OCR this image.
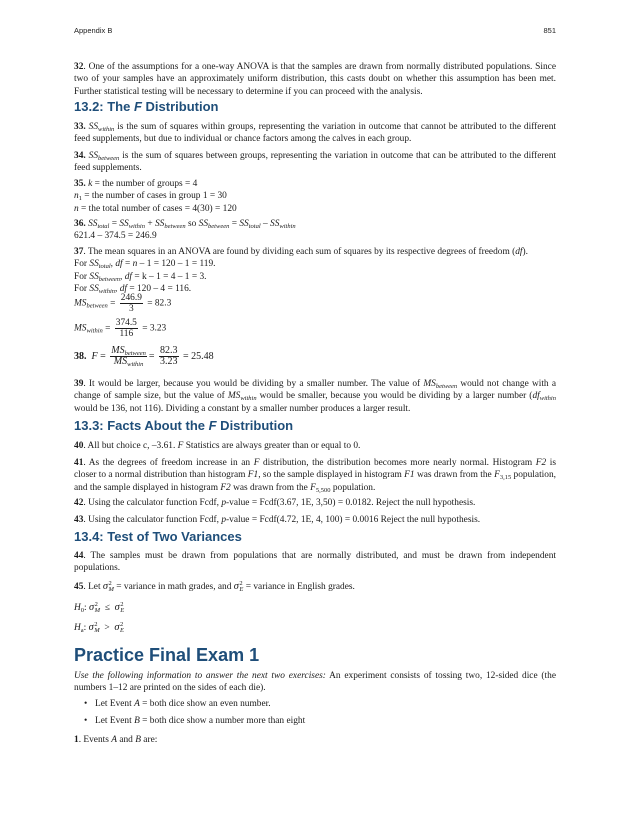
Appendix B	851

32. One of the assumptions for a one-way ANOVA is that the samples are drawn from normally distributed populations. Since two of your samples have an approximately uniform distribution, this casts doubt on whether this assumption has been met. Further statistical testing will be necessary to determine if you can proceed with the analysis.

13.2: The F Distribution

33. $SS_{within}$ is the sum of squares within groups, representing the variation in outcome that cannot be attributed to the different feed supplements, but due to individual or chance factors among the calves in each group.

34. $SS_{between}$ is the sum of squares between groups, representing the variation in outcome that can be attributed to the different feed supplements.

35. k = the number of groups = 4

$n_1$ = the number of cases in group 1 = 30

n = the total number of cases = 4(30) = 120

36. $SS_{total} = SS_{within} + SS_{between}$ so $SS_{between} = SS_{total} - SS_{within}$

621.4 – 374.5 = 246.9

37. The mean squares in an ANOVA are found by dividing each sum of squares by its respective degrees of freedom (df).

For $SS_{total}$, df = n – 1 = 120 – 1 = 119.

For $SS_{between}$, df = k – 1 = 4 – 1 = 3.

For $SS_{within}$, df = 120 – 4 = 116.

$MS_{between} = \frac{246.9}{3} = 82.3$
$MS_{within} = \frac{374.5}{116} = 3.23$
38. $F = \frac{MS_{between}}{MS_{within}} = \frac{82.3}{3.23} = 25.48$

39. It would be larger, because you would be dividing by a smaller number. The value of $MS_{between}$ would not change with a change of sample size, but the value of $MS_{within}$ would be smaller, because you would be dividing by a larger number ($df_{within}$ would be 136, not 116). Dividing a constant by a smaller number produces a larger result.

13.3: Facts About the F Distribution

40. All but choice c, –3.61. F Statistics are always greater than or equal to 0.

41. As the degrees of freedom increase in an F distribution, the distribution becomes more nearly normal. Histogram F2 is closer to a normal distribution than histogram F1, so the sample displayed in histogram F1 was drawn from the $F_{3,15}$ population, and the sample displayed in histogram F2 was drawn from the $F_{5,500}$ population.

42. Using the calculator function Fcdf, p-value = Fcdf(3.67, 1E, 3,50) = 0.0182. Reject the null hypothesis.

43. Using the calculator function Fcdf, p-value = Fcdf(4.72, 1E, 4, 100) = 0.0016 Reject the null hypothesis.

13.4: Test of Two Variances

44. The samples must be drawn from populations that are normally distributed, and must be drawn from independent populations.

45. Let σ 2
M = variance in math grades, and σ 2
E = variance in English grades.
$H_0$: σ 2
M ≤ σ 2
E
$H_a$: σ 2
M > σ 2
E
Practice Final Exam 1

Use the following information to answer the next two exercises: An experiment consists of tossing two, 12-sided dice (the numbers 1–12 are printed on the sides of each die).

• Let Event A = both dice show an even number.
• Let Event B = both dice show a number more than eight

1. Events A and B are:
